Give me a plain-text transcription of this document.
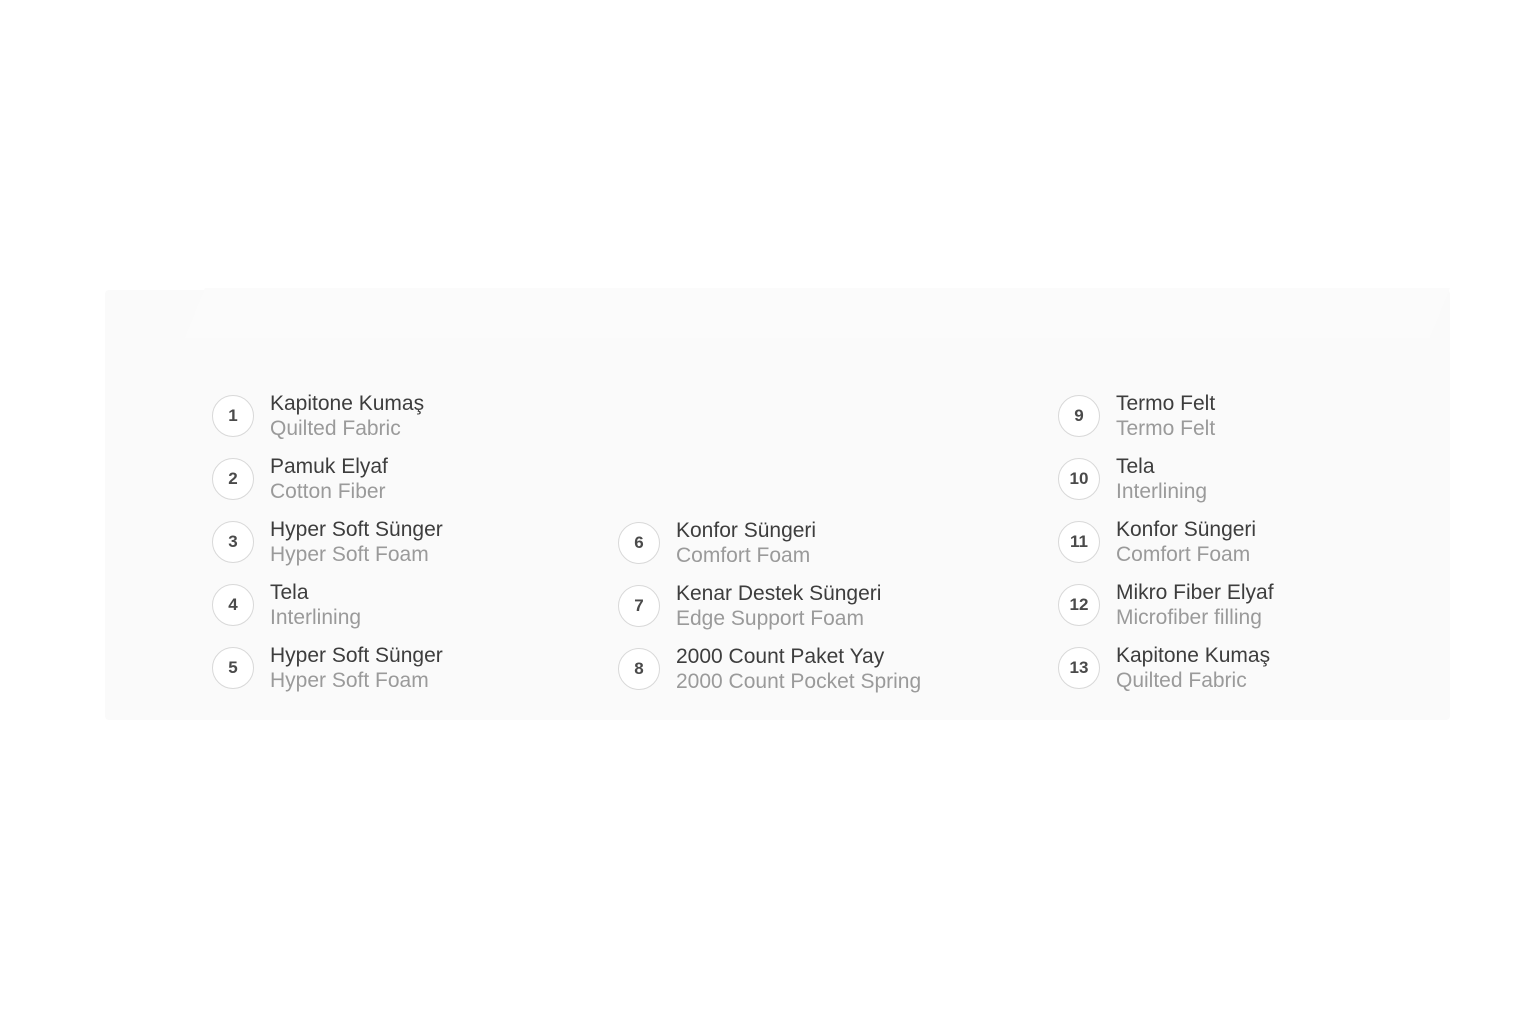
1
Kapitone Kumaş
Quilted Fabric
2
Pamuk Elyaf
Cotton Fiber
3
Hyper Soft Sünger
Hyper Soft Foam
4
Tela
Interlining
5
Hyper Soft Sünger
Hyper Soft Foam
6
Konfor Süngeri
Comfort Foam
7
Kenar Destek Süngeri
Edge Support Foam
8
2000 Count Paket Yay
2000 Count Pocket Spring
9
Termo Felt
Termo Felt
10
Tela
Interlining
11
Konfor Süngeri
Comfort Foam
12
Mikro Fiber Elyaf
Microfiber filling
13
Kapitone Kumaş
Quilted Fabric
